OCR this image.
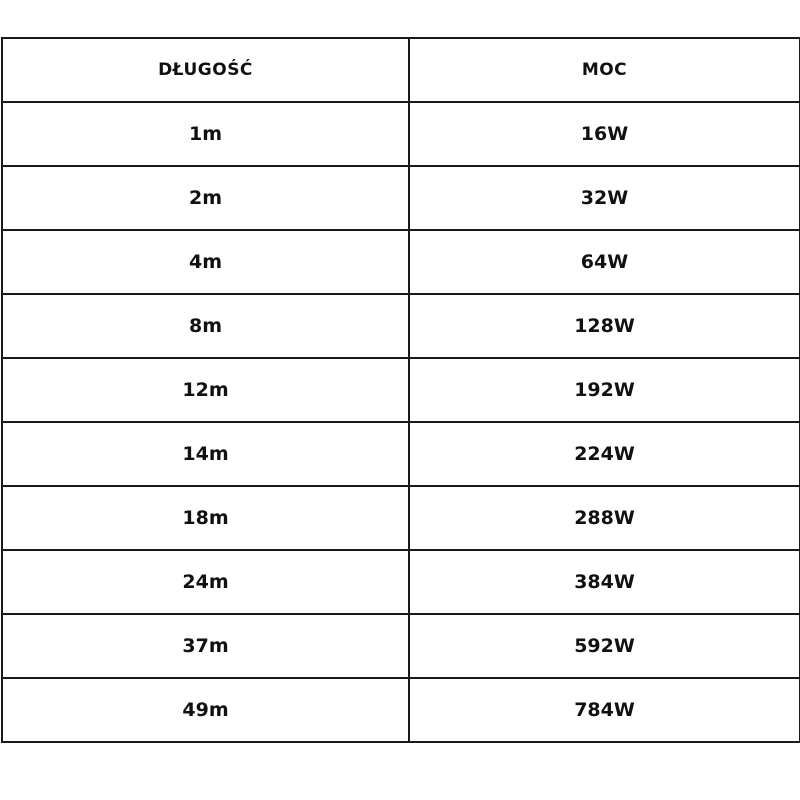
DŁUGOŚĆ	MOC
1m	16W
2m	32W
4m	64W
8m	128W
12m	192W
14m	224W
18m	288W
24m	384W
37m	592W
49m	784W
